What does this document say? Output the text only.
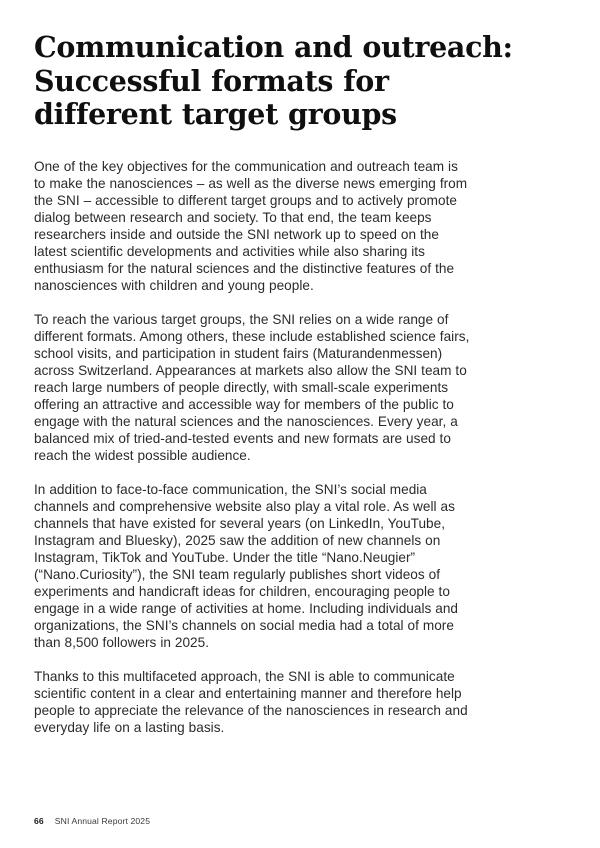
Communication and outreach: Successful formats for different target groups

One of the key objectives for the communication and outreach team is to make the nanosciences – as well as the diverse news emerging from the SNI – accessible to different target groups and to actively promote dialog between research and society. To that end, the team keeps researchers inside and outside the SNI network up to speed on the latest scientific developments and activities while also sharing its enthusiasm for the natural sciences and the distinctive features of the nanosciences with children and young people.

To reach the various target groups, the SNI relies on a wide range of different formats. Among others, these include established science fairs, school visits, and participation in student fairs (Maturandenmessen) across Switzerland. Appearances at markets also allow the SNI team to reach large numbers of people directly, with small-scale experiments offering an attractive and accessible way for members of the public to engage with the natural sciences and the nanosciences. Every year, a balanced mix of tried-and-tested events and new formats are used to reach the widest possible audience.

In addition to face-to-face communication, the SNI’s social media channels and comprehensive website also play a vital role. As well as channels that have existed for several years (on LinkedIn, YouTube, Instagram and Bluesky), 2025 saw the addition of new channels on Instagram, TikTok and YouTube. Under the title “Nano.Neugier” (“Nano.Curiosity”), the SNI team regularly publishes short videos of experiments and handicraft ideas for children, encouraging people to engage in a wide range of activities at home. Including individuals and organizations, the SNI’s channels on social media had a total of more than 8,500 followers in 2025.

Thanks to this multifaceted approach, the SNI is able to communicate scientific content in a clear and entertaining manner and therefore help people to appreciate the relevance of the nanosciences in research and everyday life on a lasting basis.

66 SNI Annual Report 2025
